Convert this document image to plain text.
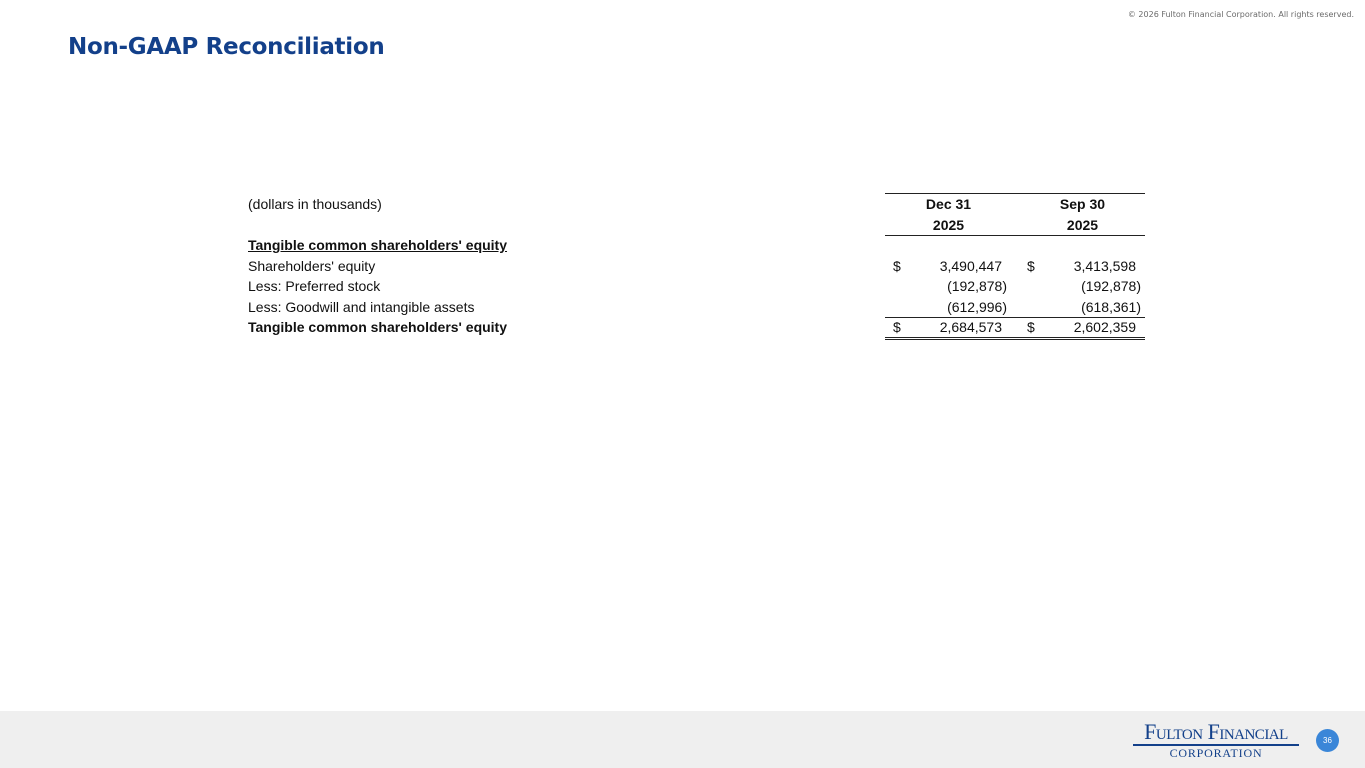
© 2026 Fulton Financial Corporation. All rights reserved.
Non-GAAP Reconciliation
(dollars in thousands)	Dec 31	Sep 30
2025	2025
Tangible common shareholders' equity
Shareholders' equity	$	3,490,447 $	3,413,598
Less: Preferred stock	(192,878)	(192,878)
Less: Goodwill and intangible assets	(612,996)	(618,361)
Tangible common shareholders' equity	$	2,684,573 $	2,602,359
Fulton Financial
CORPORATION
36
